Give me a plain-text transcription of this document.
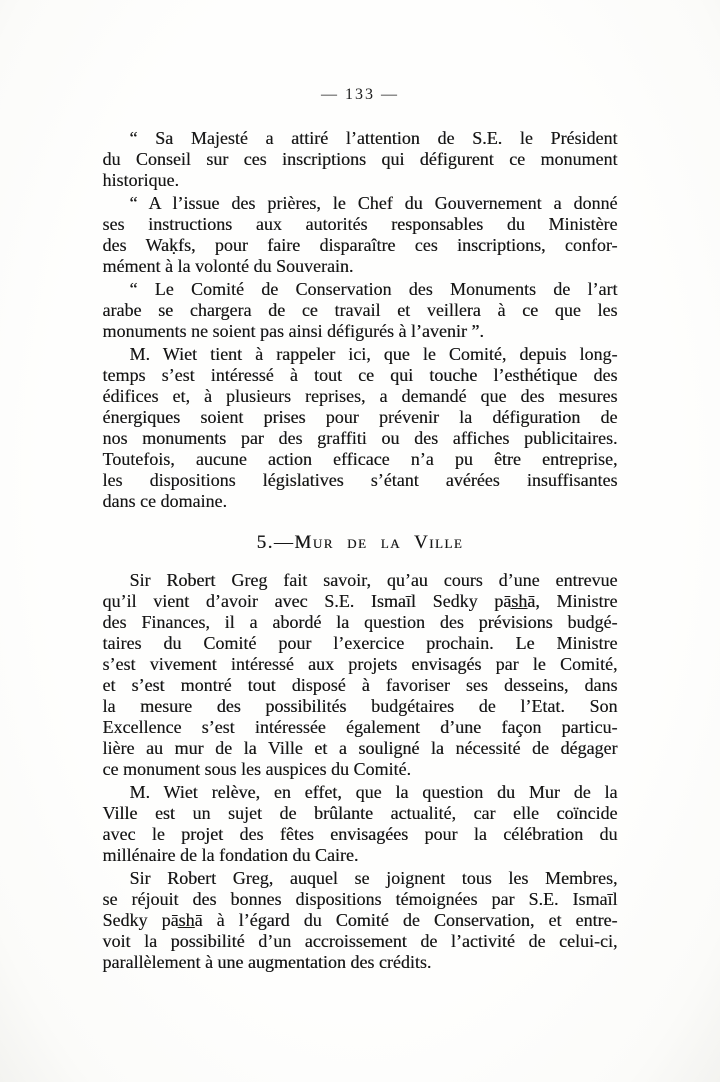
— 133 —
“ Sa Majesté a attiré l’attention de S.E. le Président
du Conseil sur ces inscriptions qui défigurent ce monument
historique.
“ A l’issue des prières, le Chef du Gouvernement a donné
ses instructions aux autorités responsables du Ministère
des Waḳfs, pour faire disparaître ces inscriptions, confor-
mément à la volonté du Souverain.
“ Le Comité de Conservation des Monuments de l’art
arabe se chargera de ce travail et veillera à ce que les
monuments ne soient pas ainsi défigurés à l’avenir ”.
M. Wiet tient à rappeler ici, que le Comité, depuis long-
temps s’est intéressé à tout ce qui touche l’esthétique des
édifices et, à plusieurs reprises, a demandé que des mesures
énergiques soient prises pour prévenir la défiguration de
nos monuments par des graffiti ou des affiches publicitaires.
Toutefois, aucune action efficace n’a pu être entreprise,
les dispositions législatives s’étant avérées insuffisantes
dans ce domaine.
5.—Mur de la Ville
Sir Robert Greg fait savoir, qu’au cours d’une entrevue
qu’il vient d’avoir avec S.E. Ismaīl Sedky pās̲h̲ā, Ministre
des Finances, il a abordé la question des prévisions budgé-
taires du Comité pour l’exercice prochain. Le Ministre
s’est vivement intéressé aux projets envisagés par le Comité,
et s’est montré tout disposé à favoriser ses desseins, dans
la mesure des possibilités budgétaires de l’Etat. Son
Excellence s’est intéressée également d’une façon particu-
lière au mur de la Ville et a souligné la nécessité de dégager
ce monument sous les auspices du Comité.
M. Wiet relève, en effet, que la question du Mur de la
Ville est un sujet de brûlante actualité, car elle coïncide
avec le projet des fêtes envisagées pour la célébration du
millénaire de la fondation du Caire.
Sir Robert Greg, auquel se joignent tous les Membres,
se réjouit des bonnes dispositions témoignées par S.E. Ismaīl
Sedky pās̲h̲ā à l’égard du Comité de Conservation, et entre-
voit la possibilité d’un accroissement de l’activité de celui-ci,
parallèlement à une augmentation des crédits.
